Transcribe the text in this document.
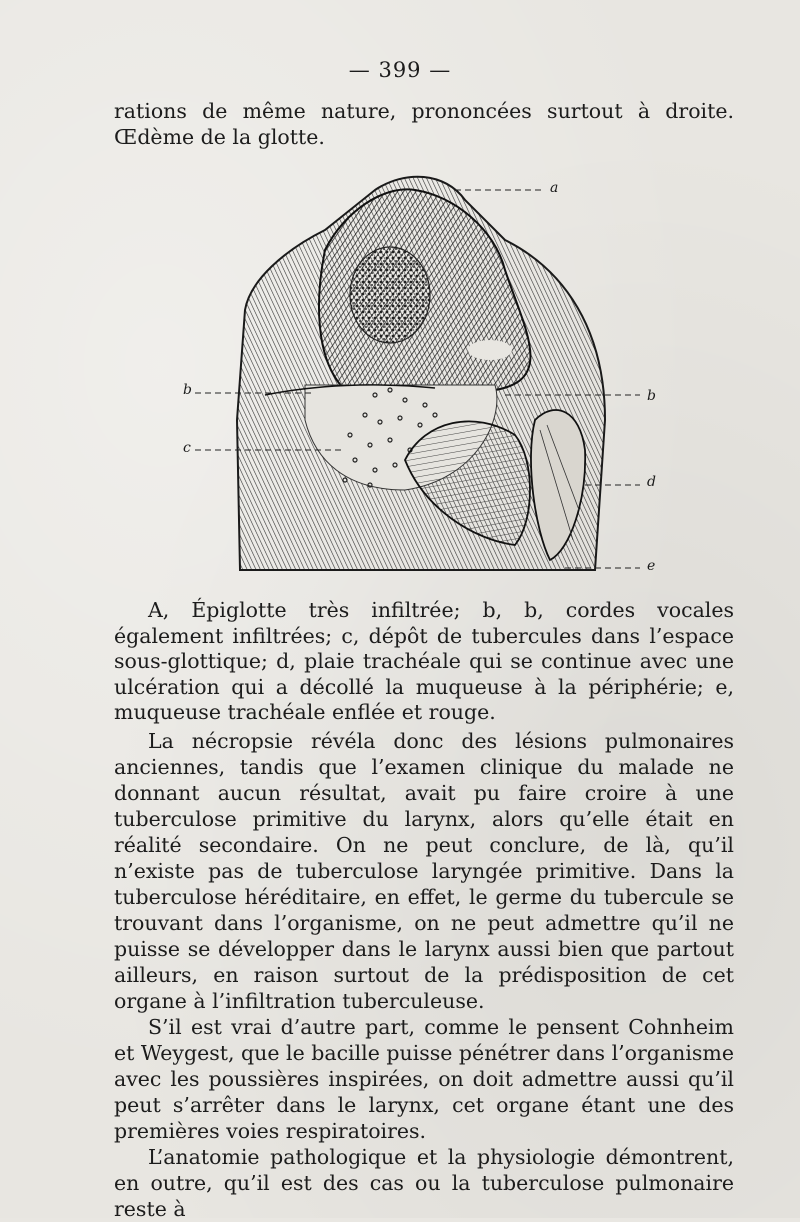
— 399 —

rations de même nature, prononcées surtout à droite. Œdème de la glotte.

a
b	b
c
d
e

A, Épiglotte très infiltrée; b, b, cordes vocales également infiltrées; c, dépôt de tubercules dans l’espace sous-glottique; d, plaie trachéale qui se continue avec une ulcération qui a décollé la muqueuse à la périphérie; e, muqueuse trachéale enflée et rouge.

La nécropsie révéla donc des lésions pulmonaires anciennes, tandis que l’examen clinique du malade ne donnant aucun résultat, avait pu faire croire à une tuberculose primitive du larynx, alors qu’elle était en réalité secondaire. On ne peut conclure, de là, qu’il n’existe pas de tuberculose laryngée primitive. Dans la tuberculose héréditaire, en effet, le germe du tubercule se trouvant dans l’organisme, on ne peut admettre qu’il ne puisse se développer dans le larynx aussi bien que partout ailleurs, en raison surtout de la prédisposition de cet organe à l’infiltration tuberculeuse.

S’il est vrai d’autre part, comme le pensent Cohnheim et Weygest, que le bacille puisse pénétrer dans l’organisme avec les poussières inspirées, on doit admettre aussi qu’il peut s’arrêter dans le larynx, cet organe étant une des premières voies respiratoires.

L’anatomie pathologique et la physiologie démontrent, en outre, qu’il est des cas ou la tuberculose pulmonaire reste à
